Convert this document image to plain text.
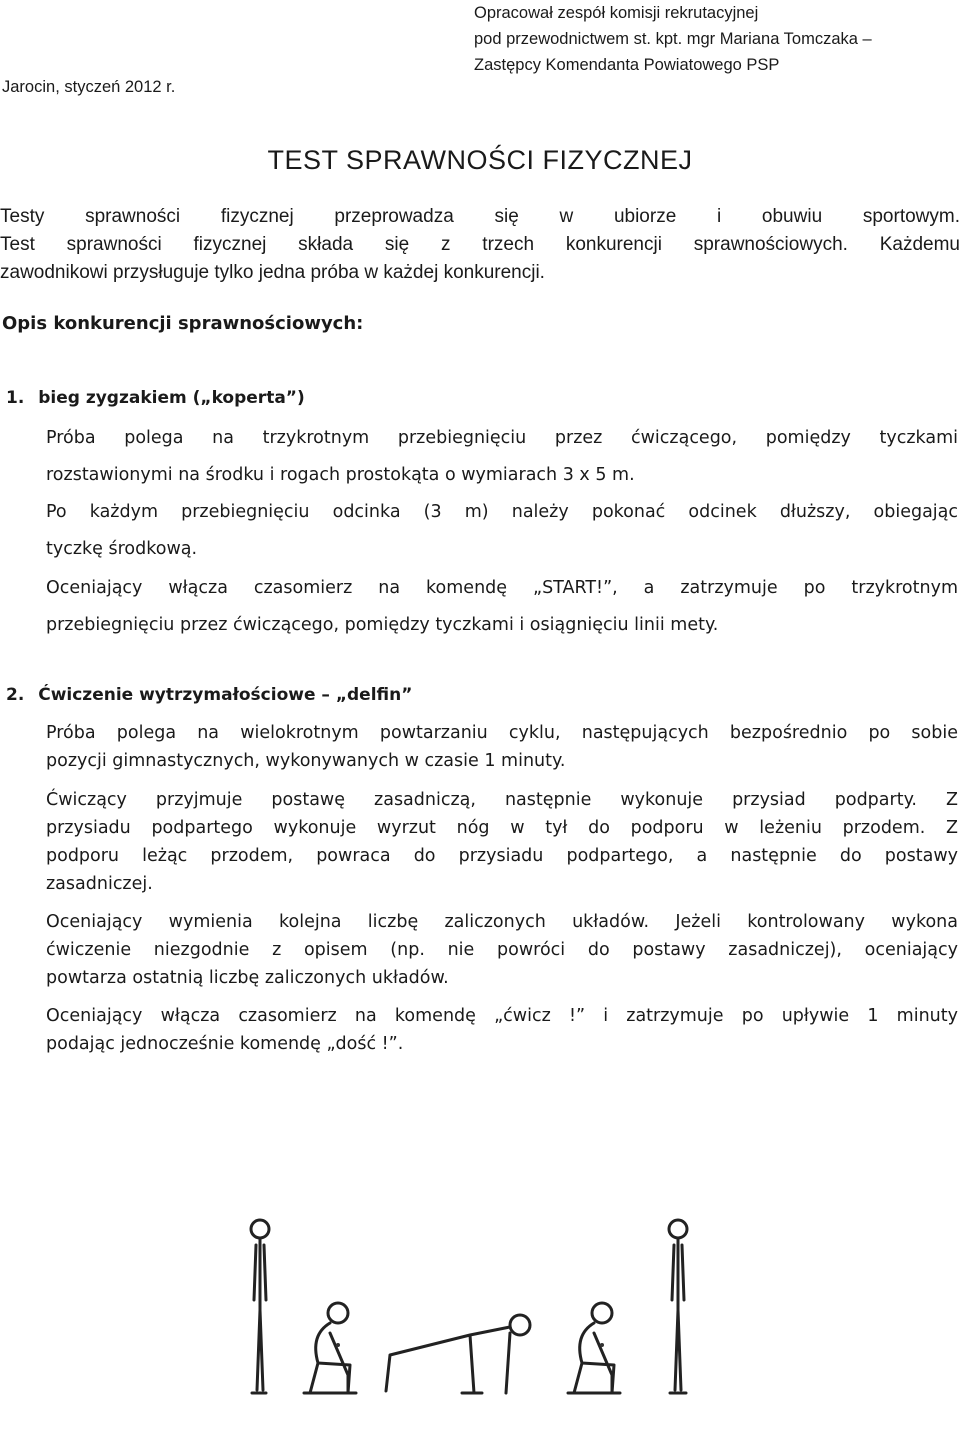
Opracował zespół komisji rekrutacyjnej
pod przewodnictwem st. kpt. mgr Mariana Tomczaka –
Zastępcy Komendanta Powiatowego PSP
Jarocin, styczeń 2012 r.
TEST SPRAWNOŚCI FIZYCZNEJ
Testy sprawności fizycznej przeprowadza się w ubiorze i obuwiu sportowym.
Test sprawności fizycznej składa się z trzech konkurencji sprawnościowych. Każdemu
zawodnikowi przysługuje tylko jedna próba w każdej konkurencji.
Opis konkurencji sprawnościowych:
1. bieg zygzakiem („koperta”)
Próba polega na trzykrotnym przebiegnięciu przez ćwiczącego, pomiędzy tyczkami
rozstawionymi na środku i rogach prostokąta o wymiarach 3 x 5 m.
Po każdym przebiegnięciu odcinka (3 m) należy pokonać odcinek dłuższy, obiegając
tyczkę środkową.
Oceniający włącza czasomierz na komendę „START!”, a zatrzymuje po trzykrotnym
przebiegnięciu przez ćwiczącego, pomiędzy tyczkami i osiągnięciu linii mety.
2. Ćwiczenie wytrzymałościowe – „delfin”
Próba polega na wielokrotnym powtarzaniu cyklu, następujących bezpośrednio po sobie
pozycji gimnastycznych, wykonywanych w czasie 1 minuty.
Ćwiczący przyjmuje postawę zasadniczą, następnie wykonuje przysiad podparty. Z
przysiadu podpartego wykonuje wyrzut nóg w tył do podporu w leżeniu przodem. Z
podporu leżąc przodem, powraca do przysiadu podpartego, a następnie do postawy
zasadniczej.
Oceniający wymienia kolejna liczbę zaliczonych układów. Jeżeli kontrolowany wykona
ćwiczenie niezgodnie z opisem (np. nie powróci do postawy zasadniczej), oceniający
powtarza ostatnią liczbę zaliczonych układów.
Oceniający włącza czasomierz na komendę „ćwicz !” i zatrzymuje po upływie 1 minuty
podając jednocześnie komendę „dość !”.
